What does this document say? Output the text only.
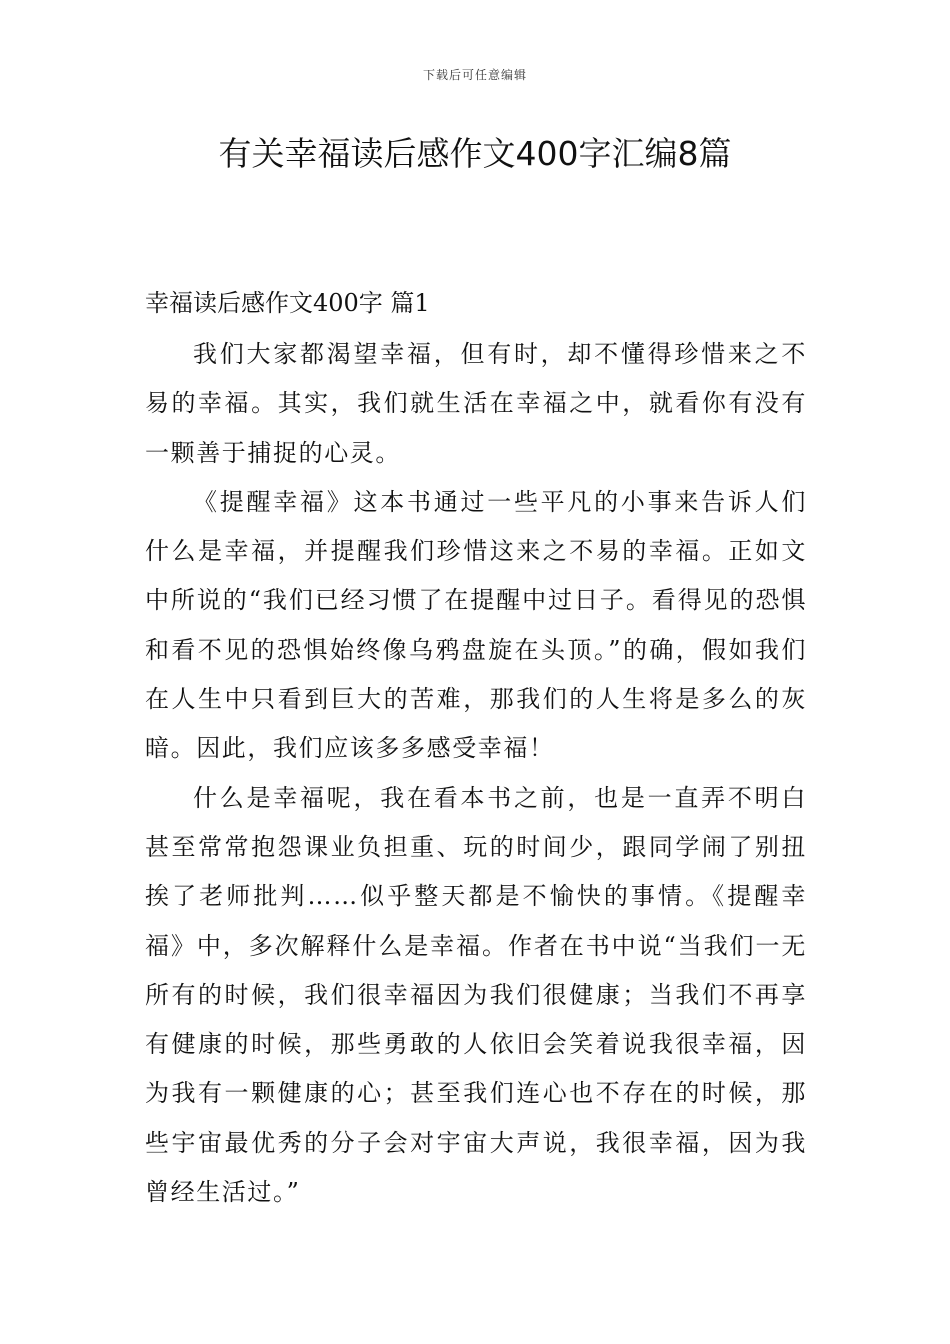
下载后可任意编辑
有关幸福读后感作文400字汇编8篇
幸福读后感作文400字 篇1

我们大家都渴望幸福，但有时，却不懂得珍惜来之不易的幸福。其实，我们就生活在幸福之中，就看你有没有一颗善于捕捉的心灵。

《提醒幸福》这本书通过一些平凡的小事来告诉人们什么是幸福，并提醒我们珍惜这来之不易的幸福。正如文中所说的“我们已经习惯了在提醒中过日子。看得见的恐惧和看不见的恐惧始终像乌鸦盘旋在头顶。”的确，假如我们在人生中只看到巨大的苦难，那我们的人生将是多么的灰暗。因此，我们应该多多感受幸福！

什么是幸福呢，我在看本书之前，也是一直弄不明白甚至常常抱怨课业负担重、玩的时间少，跟同学闹了别扭挨了老师批判……似乎整天都是不愉快的事情。《提醒幸福》中，多次解释什么是幸福。作者在书中说“当我们一无所有的时候，我们很幸福因为我们很健康；当我们不再享有健康的时候，那些勇敢的人依旧会笑着说我很幸福，因为我有一颗健康的心；甚至我们连心也不存在的时候，那些宇宙最优秀的分子会对宇宙大声说，我很幸福，因为我曾经生活过。”
